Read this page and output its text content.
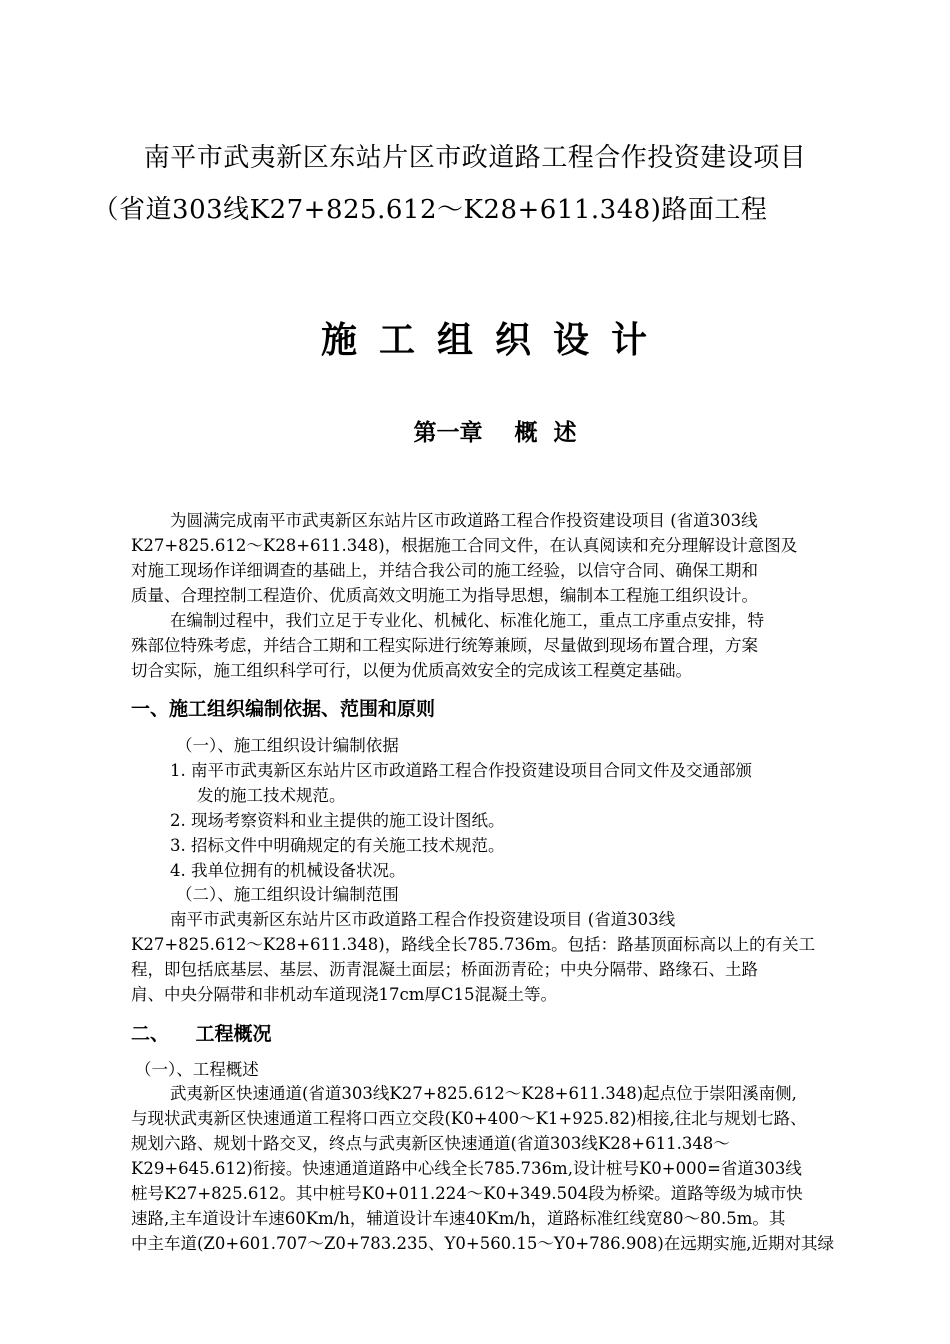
南平市武夷新区东站片区市政道路工程合作投资建设项目
（省道303线K27+825.612～K28+611.348)路面工程
施工组织设计
第一章    概  述
为圆满完成南平市武夷新区东站片区市政道路工程合作投资建设项目 (省道303线
K27+825.612～K28+611.348)，根据施工合同文件，在认真阅读和充分理解设计意图及
对施工现场作详细调查的基础上，并结合我公司的施工经验，以信守合同、确保工期和
质量、合理控制工程造价、优质高效文明施工为指导思想，编制本工程施工组织设计。
在编制过程中，我们立足于专业化、机械化、标准化施工，重点工序重点安排，特
殊部位特殊考虑，并结合工期和工程实际进行统筹兼顾，尽量做到现场布置合理，方案
切合实际，施工组织科学可行，以便为优质高效安全的完成该工程奠定基础。
一、施工组织编制依据、范围和原则
（一）、施工组织设计编制依据
1. 南平市武夷新区东站片区市政道路工程合作投资建设项目合同文件及交通部颁
发的施工技术规范。
2. 现场考察资料和业主提供的施工设计图纸。
3. 招标文件中明确规定的有关施工技术规范。
4. 我单位拥有的机械设备状况。
（二）、施工组织设计编制范围
南平市武夷新区东站片区市政道路工程合作投资建设项目 (省道303线
K27+825.612～K28+611.348)，路线全长785.736m。包括：路基顶面标高以上的有关工
程，即包括底基层、基层、沥青混凝土面层；桥面沥青砼；中央分隔带、路缘石、土路
肩、中央分隔带和非机动车道现浇17cm厚C15混凝土等。
二、    工程概况
（一）、工程概述
武夷新区快速通道(省道303线K27+825.612～K28+611.348)起点位于崇阳溪南侧,
与现状武夷新区快速通道工程将口西立交段(K0+400～K1+925.82)相接,往北与规划七路、
规划六路、规划十路交叉，终点与武夷新区快速通道(省道303线K28+611.348～
K29+645.612)衔接。快速通道道路中心线全长785.736m,设计桩号K0+000=省道303线
桩号K27+825.612。其中桩号K0+011.224～K0+349.504段为桥梁。道路等级为城市快
速路,主车道设计车速60Km/h，辅道设计车速40Km/h，道路标准红线宽80～80.5m。其
中主车道(Z0+601.707～Z0+783.235、Y0+560.15～Y0+786.908)在远期实施,近期对其绿
